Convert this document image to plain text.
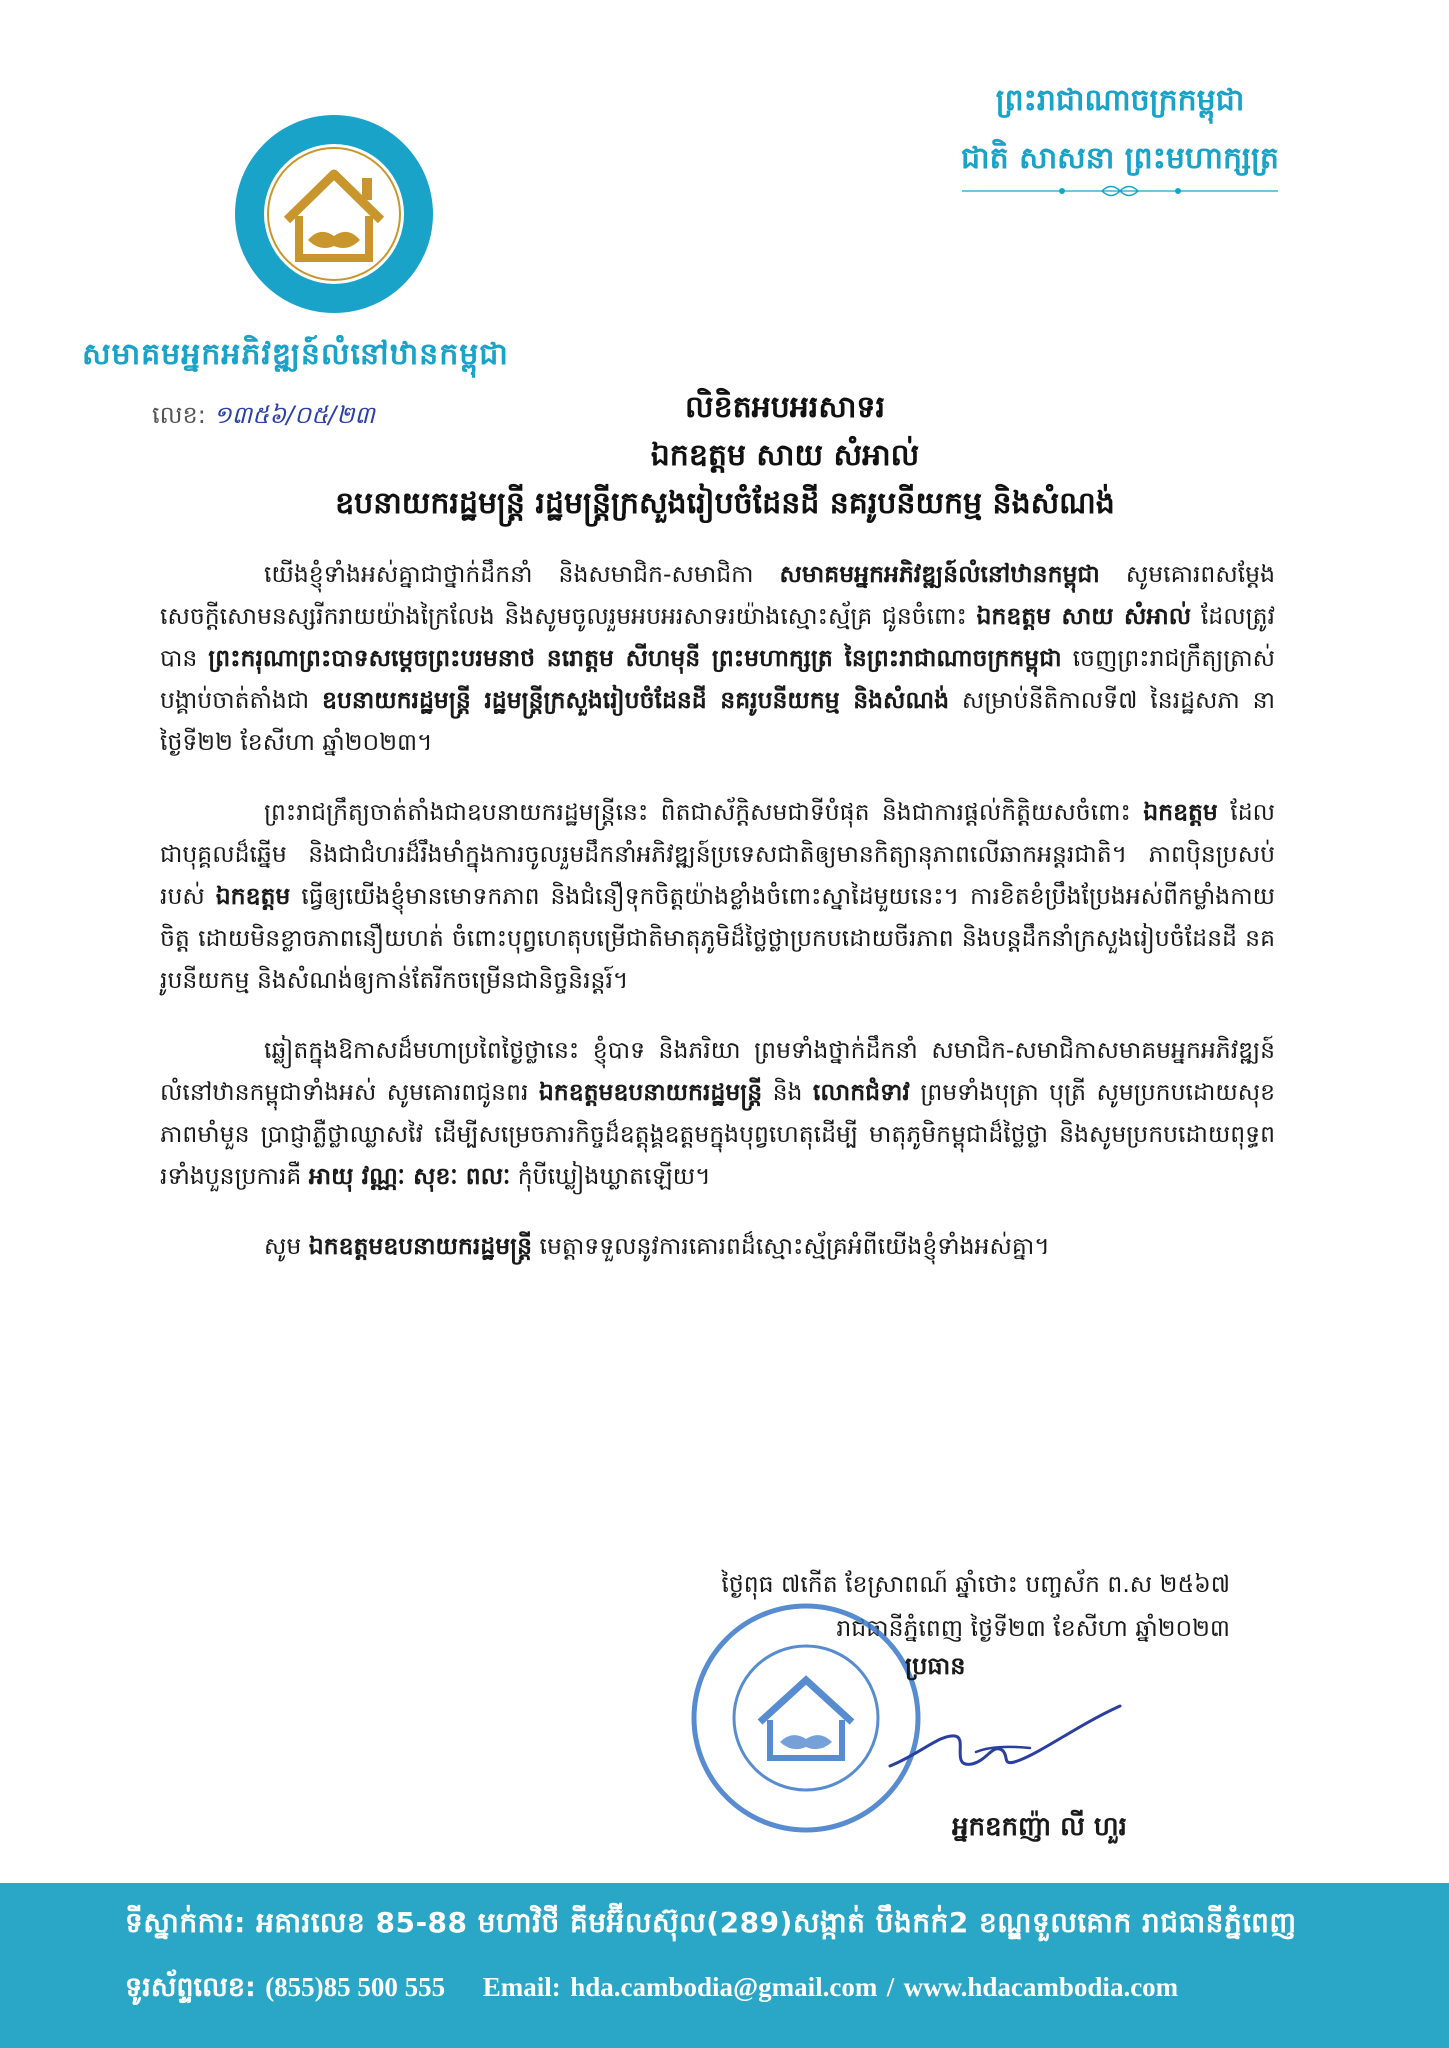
សមាគមអ្នកអភិវឌ្ឍន៍លំនៅឋានកម្ពុជា
ព្រះរាជាណាចក្រកម្ពុជា
ជាតិ សាសនា ព្រះមហាក្សត្រ
លេខ: ១៣៥៦/០៥/២៣	លិខិតអបអរសាទរ
ឯកឧត្តម សាយ សំអាល់
ឧបនាយករដ្ឋមន្ត្រី រដ្ឋមន្ត្រីក្រសួងរៀបចំដែនដី នគរូបនីយកម្ម និងសំណង់

យើងខ្ញុំទាំងអស់គ្នាជាថ្នាក់ដឹកនាំ និងសមាជិក-សមាជិកា សមាគមអ្នកអភិវឌ្ឍន៍លំនៅឋានកម្ពុជា សូមគោរពសម្តែងសេចក្តីសោមនស្សរីករាយយ៉ាងក្រៃលែង និងសូមចូលរួមអបអរសាទរយ៉ាងស្មោះស្ម័គ្រ ជូនចំពោះ ឯកឧត្តម សាយ សំអាល់ ដែលត្រូវបាន ព្រះករុណាព្រះបាទសម្តេចព្រះបរមនាថ នរោត្តម សីហមុនី ព្រះមហាក្សត្រ នៃព្រះរាជាណាចក្រកម្ពុជា ចេញព្រះរាជក្រឹត្យត្រាស់បង្គាប់ចាត់តាំងជា ឧបនាយករដ្ឋមន្ត្រី រដ្ឋមន្ត្រីក្រសួងរៀបចំដែនដី នគរូបនីយកម្ម និងសំណង់ សម្រាប់នីតិកាលទី៧ នៃរដ្ឋសភា នាថ្ងៃទី២២ ខែសីហា ឆ្នាំ២០២៣។

ព្រះរាជក្រឹត្យចាត់តាំងជាឧបនាយករដ្ឋមន្ត្រីនេះ ពិតជាស័ក្តិសមជាទីបំផុត និងជាការផ្តល់កិត្តិយសចំពោះ ឯកឧត្តម ដែលជាបុគ្គលដ៏ឆ្នើម និងជាជំហរដ៏រឹងមាំក្នុងការចូលរួមដឹកនាំអភិវឌ្ឍន៍ប្រទេសជាតិឲ្យមានកិត្យានុភាពលើឆាកអន្តរជាតិ។ ភាពប៉ិនប្រសប់របស់ ឯកឧត្តម ធ្វើឲ្យយើងខ្ញុំមានមោទកភាព និងជំនឿទុកចិត្តយ៉ាងខ្លាំងចំពោះស្នាដៃមួយនេះ។ ការខិតខំប្រឹងប្រែងអស់ពីកម្លាំងកាយចិត្ត ដោយមិនខ្លាចភាពនឿយហត់ ចំពោះបុព្វហេតុបម្រើជាតិមាតុភូមិដ៏ថ្លៃថ្លាប្រកបដោយចីរភាព និងបន្តដឹកនាំក្រសួងរៀបចំដែនដី នគរូបនីយកម្ម និងសំណង់ឲ្យកាន់តែរីកចម្រើនជានិច្ចនិរន្តរ៍។

ឆ្លៀតក្នុងឱកាសដ៏មហាប្រពៃថ្ងៃថ្លានេះ ខ្ញុំបាទ និងភរិយា ព្រមទាំងថ្នាក់ដឹកនាំ សមាជិក-សមាជិកាសមាគមអ្នកអភិវឌ្ឍន៍លំនៅឋានកម្ពុជាទាំងអស់ សូមគោរពជូនពរ ឯកឧត្តមឧបនាយករដ្ឋមន្ត្រី និង លោកជំទាវ ព្រមទាំងបុត្រា បុត្រី សូមប្រកបដោយសុខភាពមាំមួន ប្រាជ្ញាភ្លឺថ្លាឈ្លាសវៃ ដើម្បីសម្រេចភារកិច្ចដ៏ឧត្តុង្គឧត្តមក្នុងបុព្វហេតុដើម្បី មាតុភូមិកម្ពុជាដ៏ថ្លៃថ្លា និងសូមប្រកបដោយពុទ្ធពរទាំងបួនប្រការគឺ អាយុ វណ្ណៈ សុខៈ ពលៈ កុំបីឃ្លៀងឃ្លាតឡើយ។

សូម ឯកឧត្តមឧបនាយករដ្ឋមន្ត្រី មេត្តាទទួលនូវការគោរពដ៏ស្មោះស្ម័គ្រអំពីយើងខ្ញុំទាំងអស់គ្នា។

ថ្ងៃពុធ ៧កើត ខែស្រាពណ៍ ឆ្នាំថោះ បញ្ចស័ក ព.ស ២៥៦៧
រាជធានីភ្នំពេញ ថ្ងៃទី២៣ ខែសីហា ឆ្នាំ២០២៣
ប្រធាន
អ្នកឧកញ៉ា លី ហួរ
ទីស្នាក់ការ: អគារលេខ 85-88 មហាវិថី គីមអ៊ីលស៊ុល(289)សង្កាត់ បឹងកក់2 ខណ្ឌទួលគោក រាជធានីភ្នំពេញ
ទូរស័ព្ទលេខ: (855)85 500 555 Email: hda.cambodia@gmail.com / www.hdacambodia.com
